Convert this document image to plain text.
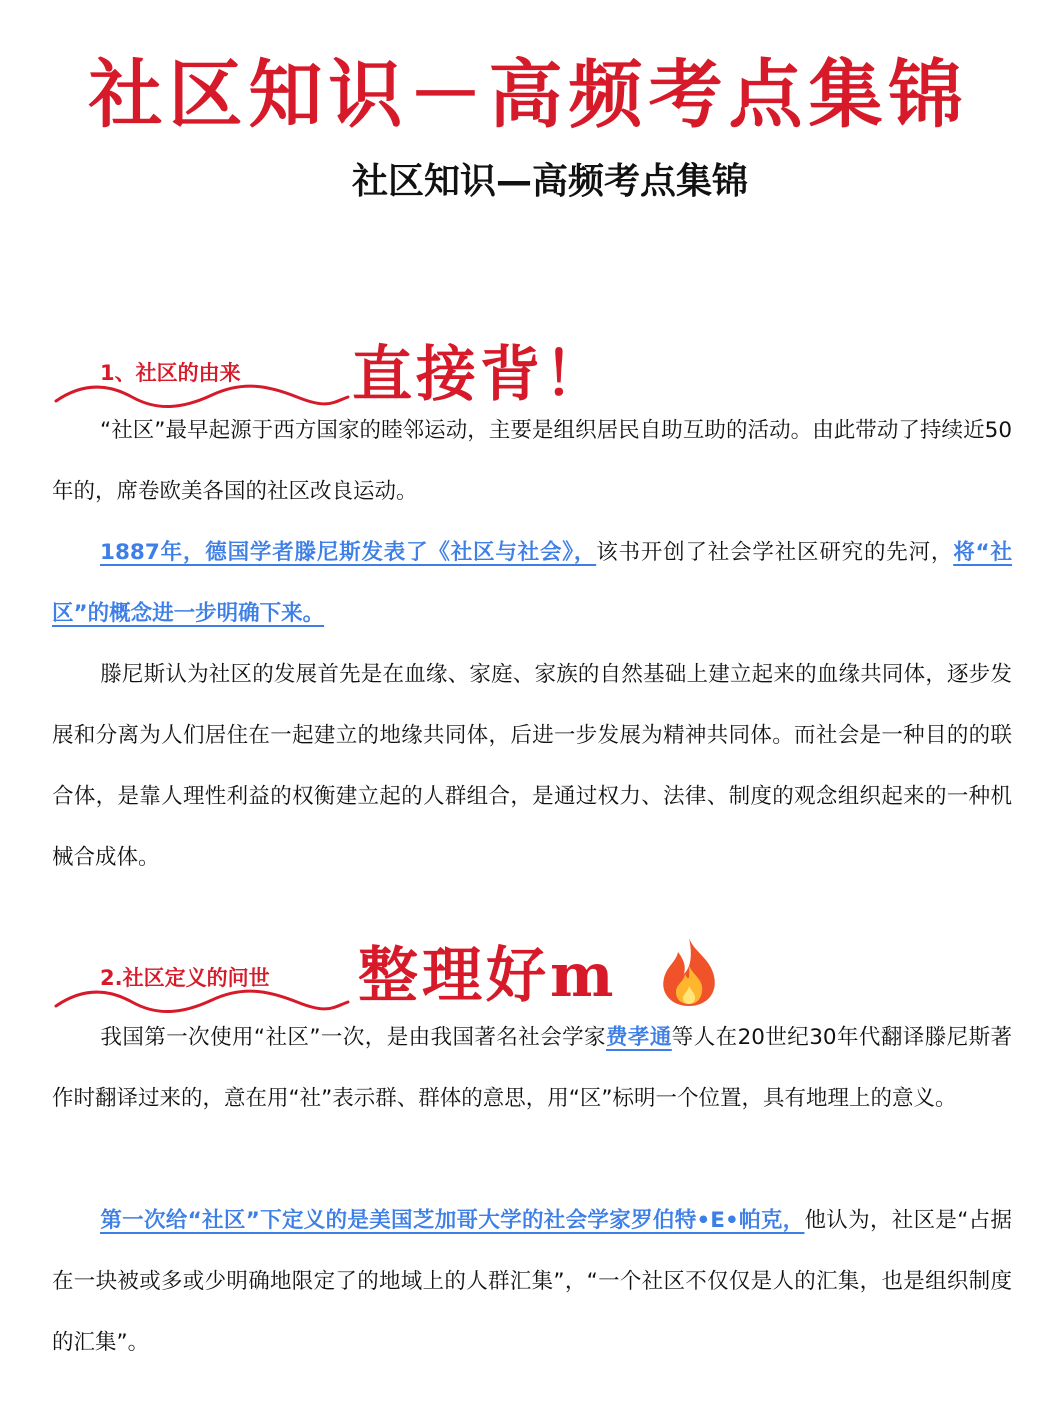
社区知识－高频考点集锦
社区知识—高频考点集锦
1、社区的由来 直接背！

“社区”最早起源于西方国家的睦邻运动，主要是组织居民自助互助的活动。由此带动了持续近50年的，席卷欧美各国的社区改良运动。

1887年，德国学者滕尼斯发表了《社区与社会》，该书开创了社会学社区研究的先河，将“社区”的概念进一步明确下来。

滕尼斯认为社区的发展首先是在血缘、家庭、家族的自然基础上建立起来的血缘共同体，逐步发展和分离为人们居住在一起建立的地缘共同体，后进一步发展为精神共同体。而社会是一种目的的联合体，是靠人理性利益的权衡建立起的人群组合，是通过权力、法律、制度的观念组织起来的一种机械合成体。

2.社区定义的问世 整理好m

我国第一次使用“社区”一次，是由我国著名社会学家费孝通等人在20世纪30年代翻译滕尼斯著作时翻译过来的，意在用“社”表示群、群体的意思，用“区”标明一个位置，具有地理上的意义。

第一次给“社区”下定义的是美国芝加哥大学的社会学家罗伯特•E•帕克，他认为，社区是“占据在一块被或多或少明确地限定了的地域上的人群汇集”，“一个社区不仅仅是人的汇集，也是组织制度的汇集”。
